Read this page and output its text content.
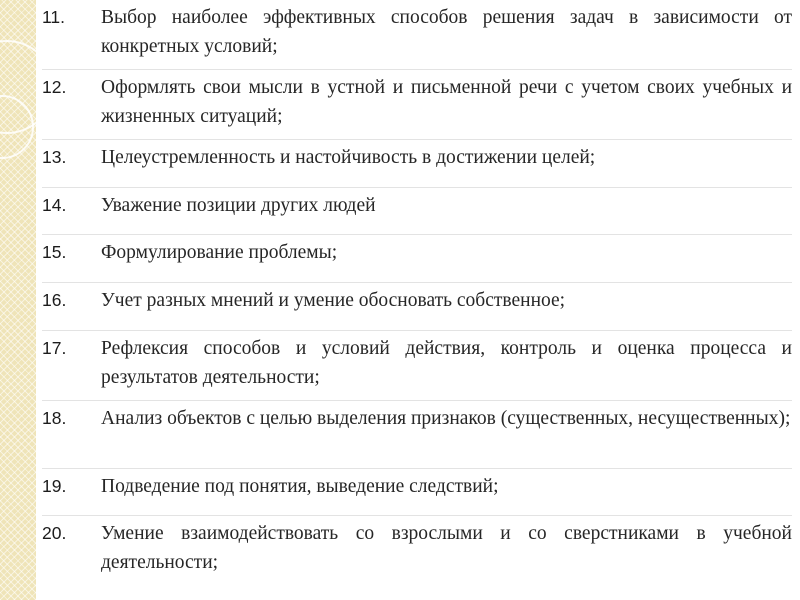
11.	Выбор наиболее эффективных способов решения задач в зависимости от конкретных условий;
12.	Оформлять свои мысли в устной и письменной речи с учетом своих учебных и жизненных ситуаций;
13.	Целеустремленность и настойчивость в достижении целей;
14.	Уважение позиции других людей
15.	Формулирование проблемы;
16.	Учет разных мнений и умение обосновать собственное;
17.	Рефлексия способов и условий действия, контроль и оценка процесса и результатов деятельности;
18.	Анализ объектов с целью выделения признаков (существенных, несущественных);
19.	Подведение под понятия, выведение следствий;
20.	Умение взаимодействовать со взрослыми и со сверстниками в учебной деятельности;
